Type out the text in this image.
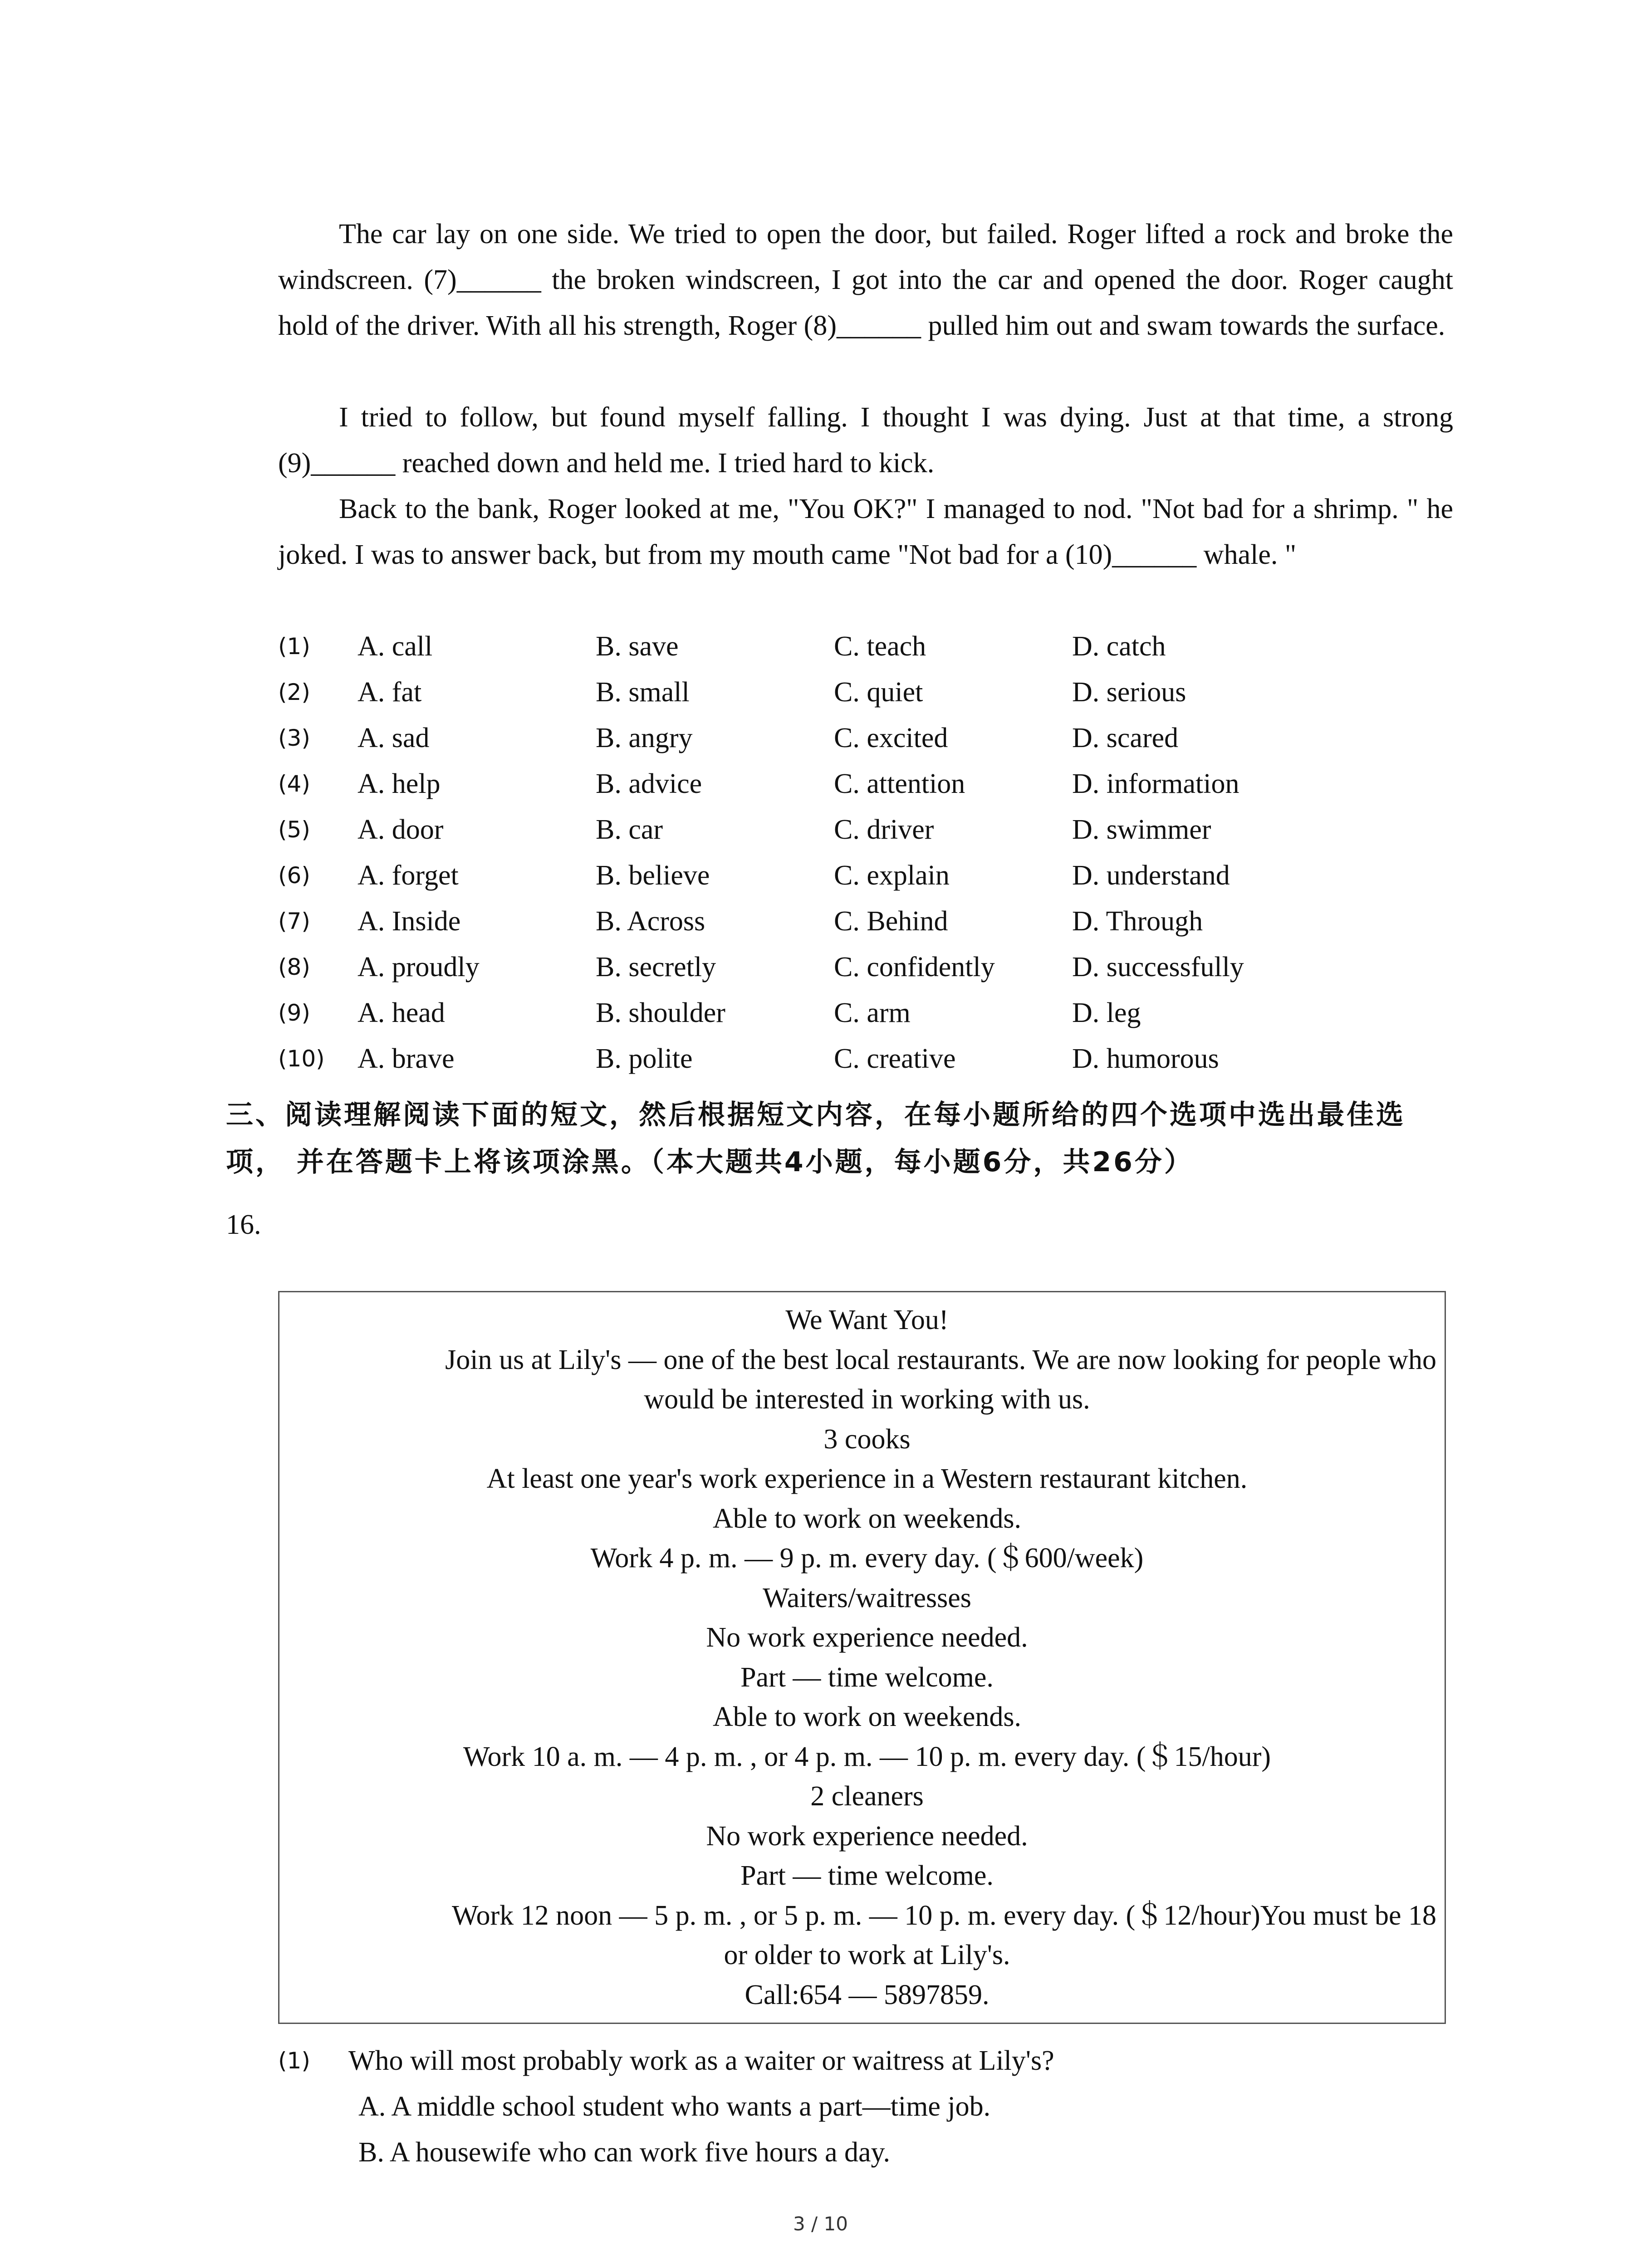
The car lay on one side. We tried to open the door, but failed. Roger lifted a rock and broke the windscreen. (7)______ the broken windscreen, I got into the car and opened the door. Roger caught hold of the driver. With all his strength, Roger (8)______ pulled him out and swam towards the surface.
I tried to follow, but found myself falling. I thought I was dying. Just at that time, a strong (9)______ reached down and held me. I tried hard to kick.
Back to the bank, Roger looked at me, "You OK?" I managed to nod. "Not bad for a shrimp. " he joked. I was to answer back, but from my mouth came "Not bad for a (10)______ whale. "
(1) A. call	B. save	C. teach	D. catch
(2) A. fat	B. small	C. quiet	D. serious
(3) A. sad	B. angry	C. excited	D. scared
(4) A. help	B. advice	C. attention	D. information
(5) A. door	B. car	C. driver	D. swimmer
(6) A. forget	B. believe	C. explain	D. understand
(7) A. Inside	B. Across	C. Behind	D. Through
(8) A. proudly	B. secretly	C. confidently	D. successfully
(9) A. head	B. shoulder	C. arm	D. leg
(10) A. brave	B. polite	C. creative	D. humorous
三、阅读理解阅读下面的短文，然后根据短文内容，在每小题所给的四个选项中选出最佳选项， 并在答题卡上将该项涂黑。（本大题共4小题，每小题6分，共26分）
16.
We Want You!
Join us at Lily's — one of the best local restaurants. We are now looking for people who
would be interested in working with us.
3 cooks
At least one year's work experience in a Western restaurant kitchen.
Able to work on weekends.
Work 4 p. m. — 9 p. m. every day. (＄600/week)
Waiters/waitresses
No work experience needed.
Part — time welcome.
Able to work on weekends.
Work 10 a. m. — 4 p. m. , or 4 p. m. — 10 p. m. every day. (＄15/hour)
2 cleaners
No work experience needed.
Part — time welcome.
Work 12 noon — 5 p. m. , or 5 p. m. — 10 p. m. every day. (＄12/hour)You must be 18
or older to work at Lily's.
Call:654 — 5897859.
(1) Who will most probably work as a waiter or waitress at Lily's?
A. A middle school student who wants a part—time job.
B. A housewife who can work five hours a day.
3 / 10
